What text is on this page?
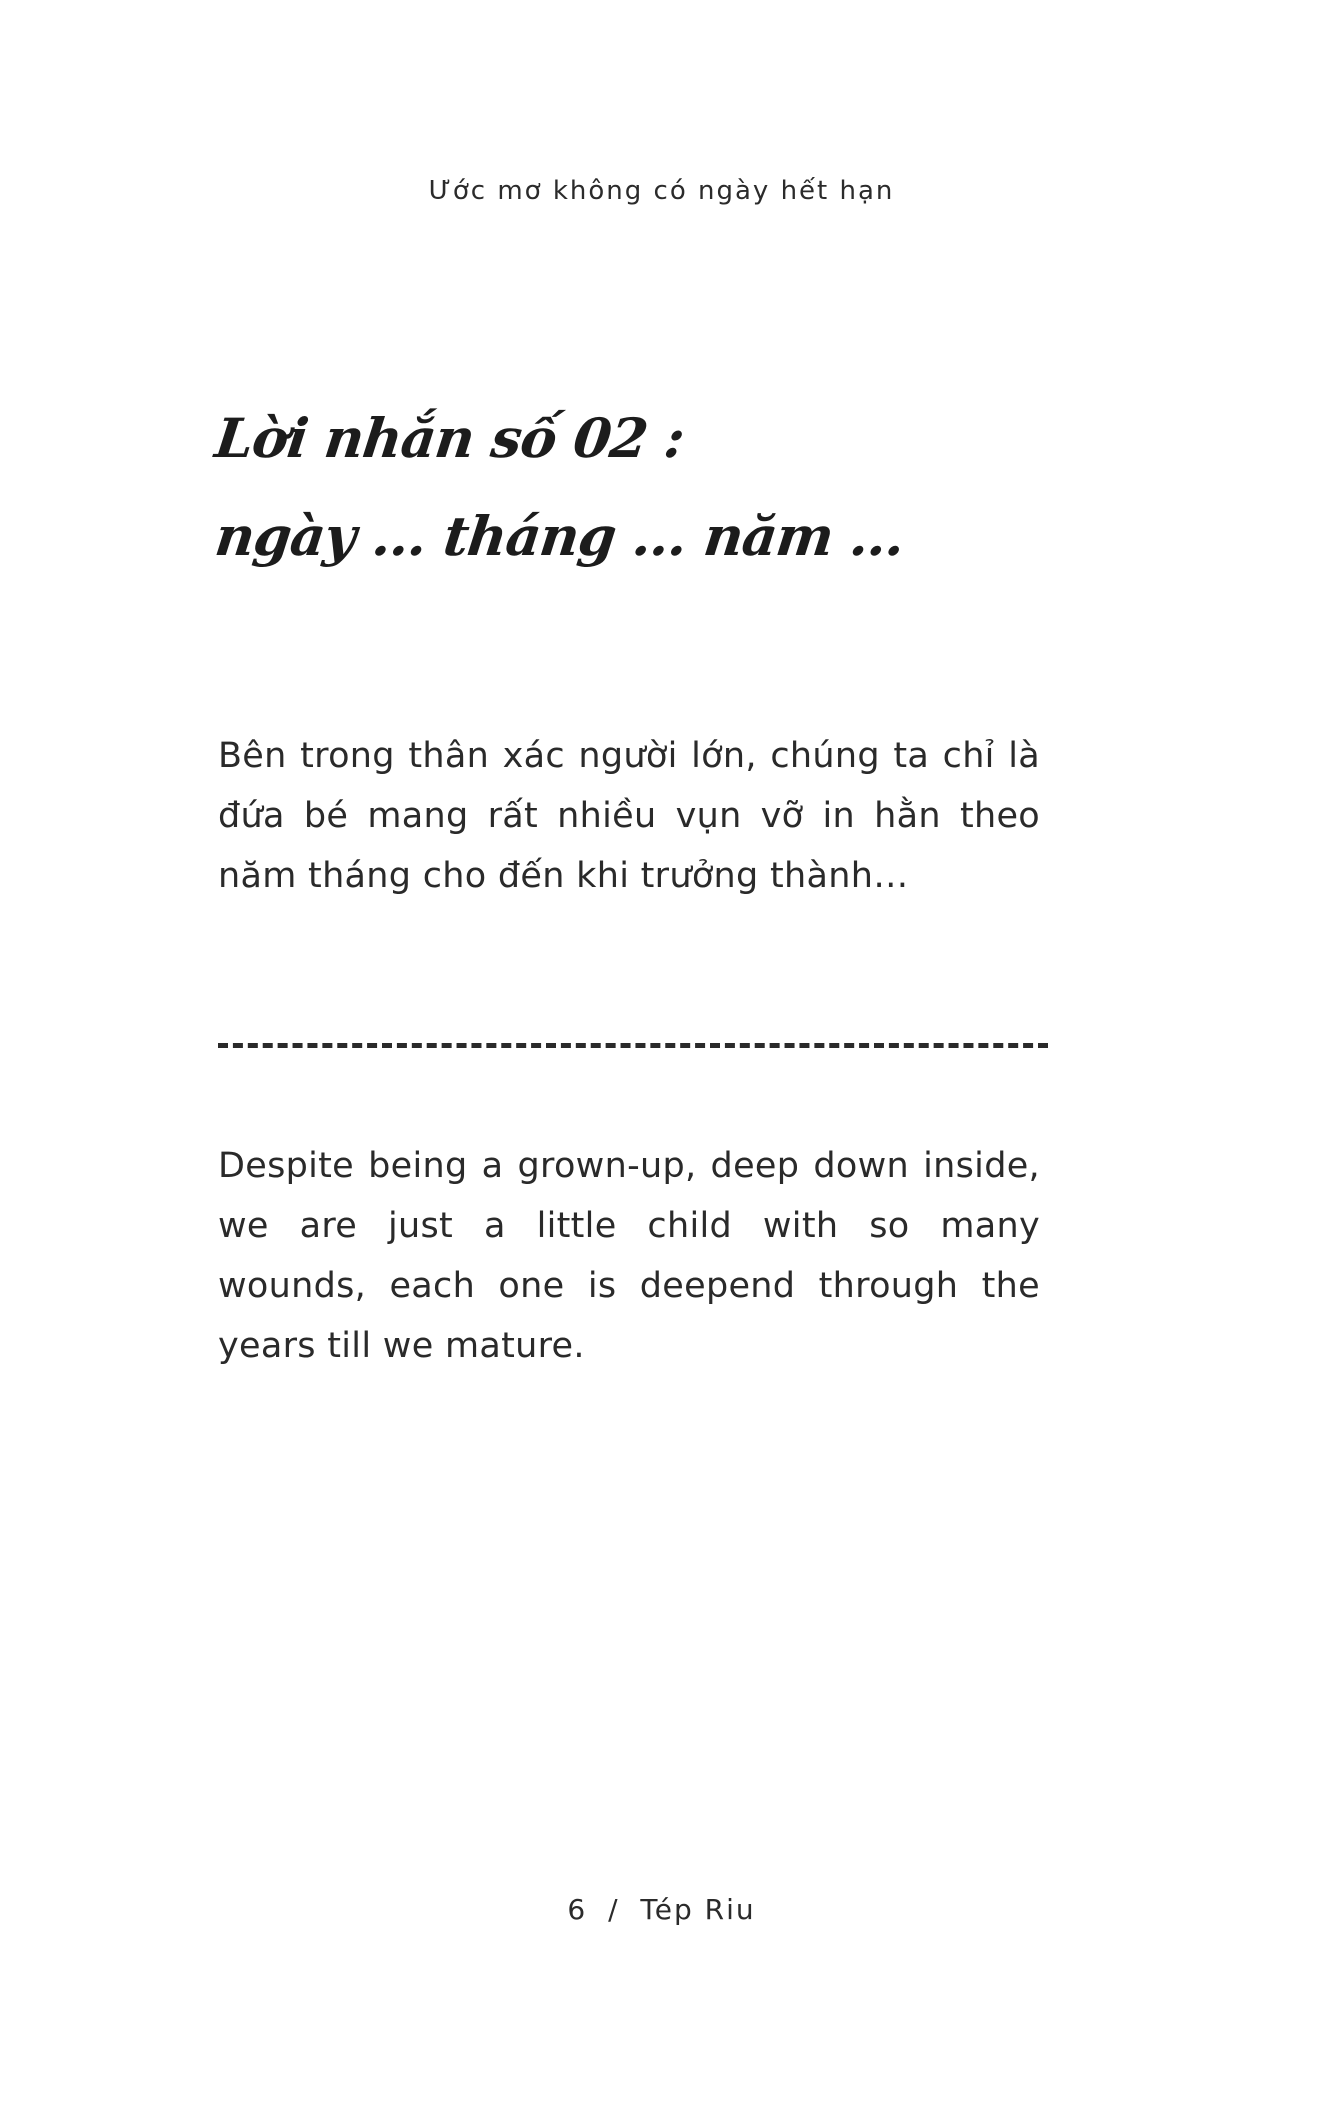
Ước mơ không có ngày hết hạn
Lời nhắn số 02 :
ngày ... tháng ... năm ...
Bên trong thân xác người lớn, chúng ta chỉ là đứa bé mang rất nhiều vụn vỡ in hằn theo năm tháng cho đến khi trưởng thành…
Despite being a grown-up, deep down inside, we are just a little child with so many wounds, each one is deepend through the years till we mature.
6 / Tép Riu
